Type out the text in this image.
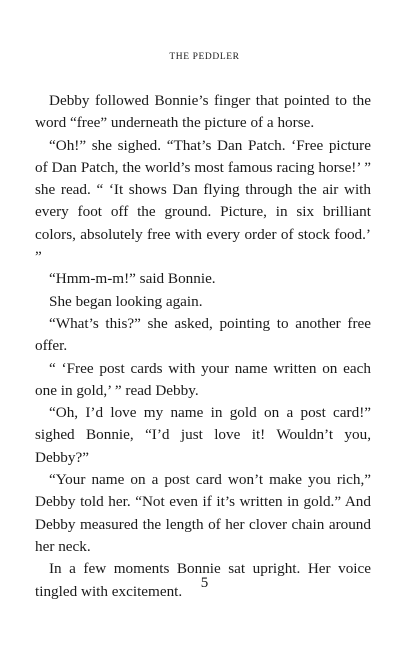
THE PEDDLER

Debby followed Bonnie’s finger that pointed to the word “free” underneath the picture of a horse.

“Oh!” she sighed. “That’s Dan Patch. ‘Free picture of Dan Patch, the world’s most famous racing horse!’ ” she read. “ ‘It shows Dan flying through the air with every foot off the ground. Picture, in six brilliant colors, absolutely free with every order of stock food.’ ”

“Hmm-m-m!” said Bonnie.

She began looking again.

“What’s this?” she asked, pointing to another free offer.

“ ‘Free post cards with your name written on each one in gold,’ ” read Debby.

“Oh, I’d love my name in gold on a post card!” sighed Bonnie, “I’d just love it! Wouldn’t you, Debby?”

“Your name on a post card won’t make you rich,” Debby told her. “Not even if it’s written in gold.” And Debby measured the length of her clover chain around her neck.

In a few moments Bonnie sat upright. Her voice tingled with excitement.	5
